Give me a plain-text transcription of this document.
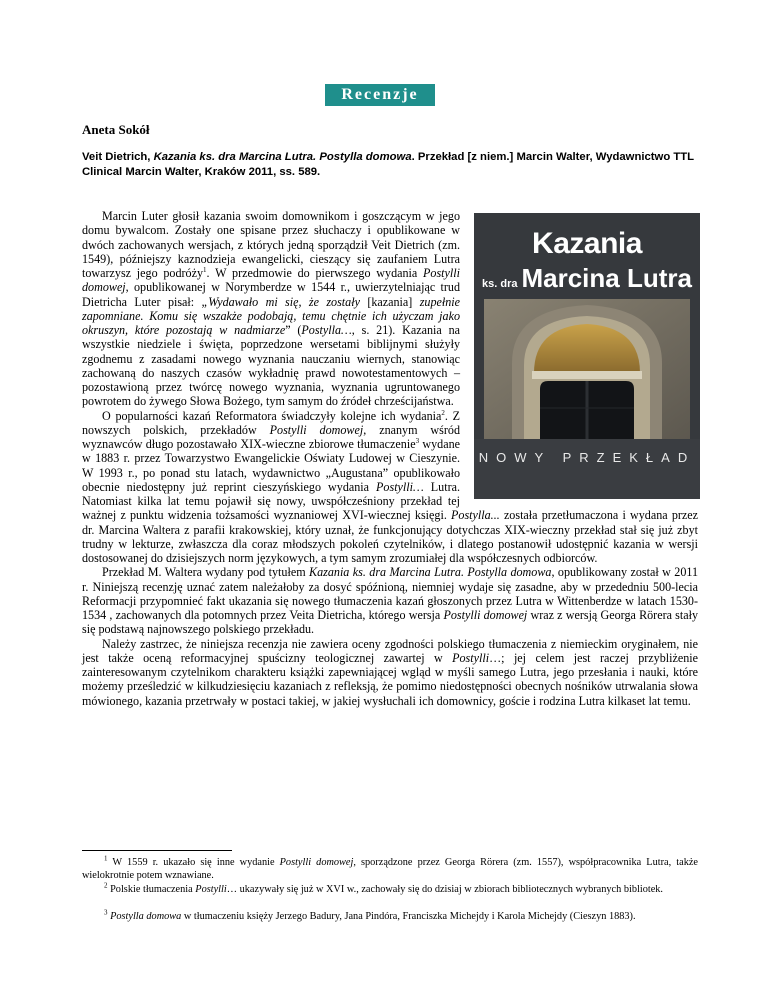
Recenzje
Aneta Sokół
Veit Dietrich, Kazania ks. dra Marcina Lutra. Postylla domowa. Przekład [z niem.] Marcin Walter, Wydawnictwo TTL Clinical Marcin Walter, Kraków 2011, ss. 589.
Kazania
ks. dra Marcina Lutra
NOWY PRZEKŁAD

Marcin Luter głosił kazania swoim domownikom i goszczącym w jego domu bywalcom. Zostały one spisane przez słuchaczy i opublikowane w dwóch zachowanych wersjach, z których jedną sporządził Veit Dietrich (zm. 1549), późniejszy kaznodzieja ewangelicki, cieszący się zaufaniem Lutra towarzysz jego podróży$^1$. W przedmowie do pierwszego wydania Postylli domowej, opublikowanej w Norymberdze w 1544 r., uwierzytelniając trud Dietricha Luter pisał: „Wydawało mi się, że zostały [kazania] zupełnie zapomniane. Komu się wszakże podobają, temu chętnie ich użyczam jako okruszyn, które pozostają w nadmiarze” (Postylla…, s. 21). Kazania na wszystkie niedziele i święta, poprzedzone wersetami biblijnymi służyły zgodnemu z zasadami nowego wyznania nauczaniu wiernych, stanowiąc zachowaną do naszych czasów wykładnię prawd nowotestamentowych – pozostawioną przez twórcę nowego wyznania, wyznania ugruntowanego powrotem do żywego Słowa Bożego, tym samym do źródeł chrześcijaństwa.

O popularności kazań Reformatora świadczyły kolejne ich wydania$^2$. Z nowszych polskich, przekładów Postylli domowej, znanym wśród wyznawców długo pozostawało XIX-wieczne zbiorowe tłumaczenie$^3$ wydane w 1883 r. przez Towarzystwo Ewangelickie Oświaty Ludowej w Cieszynie. W 1993 r., po ponad stu latach, wydawnictwo „Augustana” opublikowało obecnie niedostępny już reprint cieszyńskiego wydania Postylli… Lutra. Natomiast kilka lat temu pojawił się nowy, uwspółcześniony przekład tej ważnej z punktu widzenia tożsamości wyznaniowej XVI-wiecznej księgi. Postylla... została przetłumaczona i wydana przez dr. Marcina Waltera z parafii krakowskiej, który uznał, że funkcjonujący dotychczas XIX-wieczny przekład stał się już zbyt trudny w lekturze, zwłaszcza dla coraz młodszych pokoleń czytelników, i dlatego postanowił udostępnić kazania w wersji dostosowanej do dzisiejszych norm językowych, a tym samym zrozumiałej dla współczesnych odbiorców.

Przekład M. Waltera wydany pod tytułem Kazania ks. dra Marcina Lutra. Postylla domowa, opublikowany został w 2011 r. Niniejszą recenzję uznać zatem należałoby za dosyć spóźnioną, niemniej wydaje się zasadne, aby w przededniu 500-lecia Reformacji przypomnieć fakt ukazania się nowego tłumaczenia kazań głoszonych przez Lutra w Wittenberdze w latach 1530-1534 , zachowanych dla potomnych przez Veita Dietricha, którego wersja Postylli domowej wraz z wersją Georga Rörera stały się podstawą najnowszego polskiego przekładu.

Należy zastrzec, że niniejsza recenzja nie zawiera oceny zgodności polskiego tłumaczenia z niemieckim oryginałem, nie jest także oceną reformacyjnej spuścizny teologicznej zawartej w Postylli…; jej celem jest raczej przybliżenie zainteresowanym czytelnikom charakteru książki zapewniającej wgląd w myśli samego Lutra, jego przesłania i nauki, które możemy prześledzić w kilkudziesięciu kazaniach z refleksją, że pomimo niedostępności obecnych nośników utrwalania słowa mówionego, kazania przetrwały w postaci takiej, w jakiej wysłuchali ich domownicy, goście i rodzina Lutra kilkaset lat temu.

$^1$ W 1559 r. ukazało się inne wydanie Postylli domowej, sporządzone przez Georga Rörera (zm. 1557), współpracownika Lutra, także wielokrotnie potem wznawiane.
$^2$ Polskie tłumaczenia Postylli… ukazywały się już w XVI w., zachowały się do dzisiaj w zbiorach bibliotecznych wybranych bibliotek.
$^3$ Postylla domowa w tłumaczeniu księży Jerzego Badury, Jana Pindóra, Franciszka Michejdy i Karola Michejdy (Cieszyn 1883).
